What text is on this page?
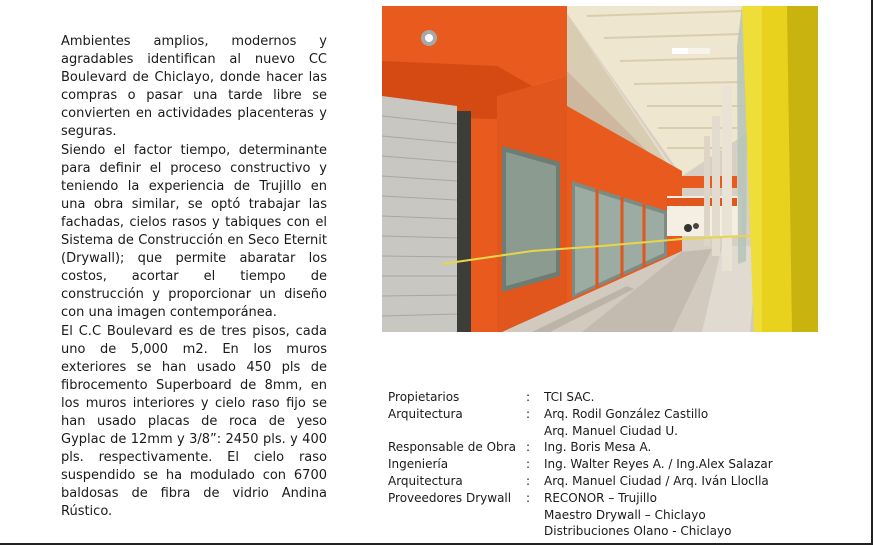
Ambientes amplios, modernos y agradables identifican al nuevo CC Boulevard de Chiclayo, donde hacer las compras o pasar una tarde libre se convierten en actividades placenteras y seguras.

Siendo el factor tiempo, determinante para definir el proceso constructivo y teniendo la experiencia de Trujillo en una obra similar, se optó trabajar las fachadas, cielos rasos y tabiques con el Sistema de Construcción en Seco Eternit (Drywall); que permite abaratar los costos, acortar el tiempo de construcción y proporcionar un diseño con una imagen contemporánea.

El C.C Boulevard es de tres pisos, cada uno de 5,000 m2. En los muros exteriores se han usado 450 pls de fibrocemento Superboard de 8mm, en los muros interiores y cielo raso fijo se han usado placas de roca de yeso Gyplac de 12mm y 3/8”: 2450 pls. y 400 pls. respectivamente. El cielo raso suspendido se ha modulado con 6700 baldosas de fibra de vidrio Andina Rústico.

Propietarios	:	TCI SAC.
Arquitectura	:	Arq. Rodil González Castillo
Arq. Manuel Ciudad U.
Responsable de Obra :	Ing. Boris Mesa A.
Ingeniería	:	Ing. Walter Reyes A. / Ing.Alex Salazar
Arquitectura	:	Arq. Manuel Ciudad / Arq. Iván Lloclla
Proveedores Drywall	:	RECONOR – Trujillo
Maestro Drywall – Chiclayo
Distribuciones Olano - Chiclayo
